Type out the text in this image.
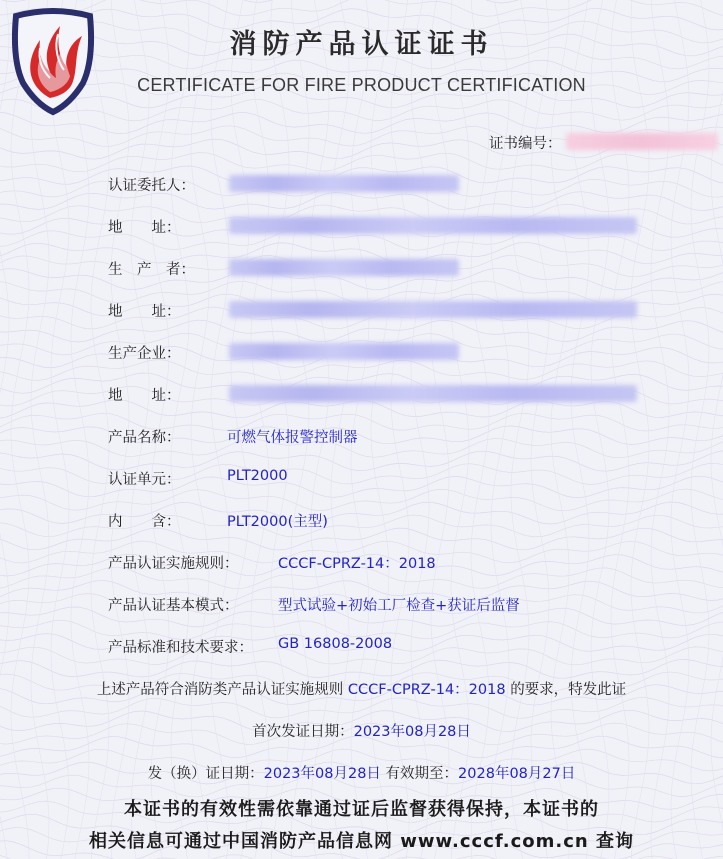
消防产品认证证书
CERTIFICATE FOR FIRE PRODUCT CERTIFICATION
证书编号：
认证委托人：
地　　址：
生　产　者：
地　　址：
生产企业：
地　　址：
产品名称：	可燃气体报警控制器
认证单元：	PLT2000
内　　含：	PLT2000(主型)
产品认证实施规则：	CCCF-CPRZ-14：2018
产品认证基本模式：	型式试验+初始工厂检查+获证后监督
产品标准和技术要求： GB 16808-2008
上述产品符合消防类产品认证实施规则 CCCF-CPRZ-14：2018 的要求，特发此证
首次发证日期：2023年08月28日
发（换）证日期：2023年08月28日 有效期至：2028年08月27日
本证书的有效性需依靠通过证后监督获得保持，本证书的
相关信息可通过中国消防产品信息网 www.cccf.com.cn 查询
